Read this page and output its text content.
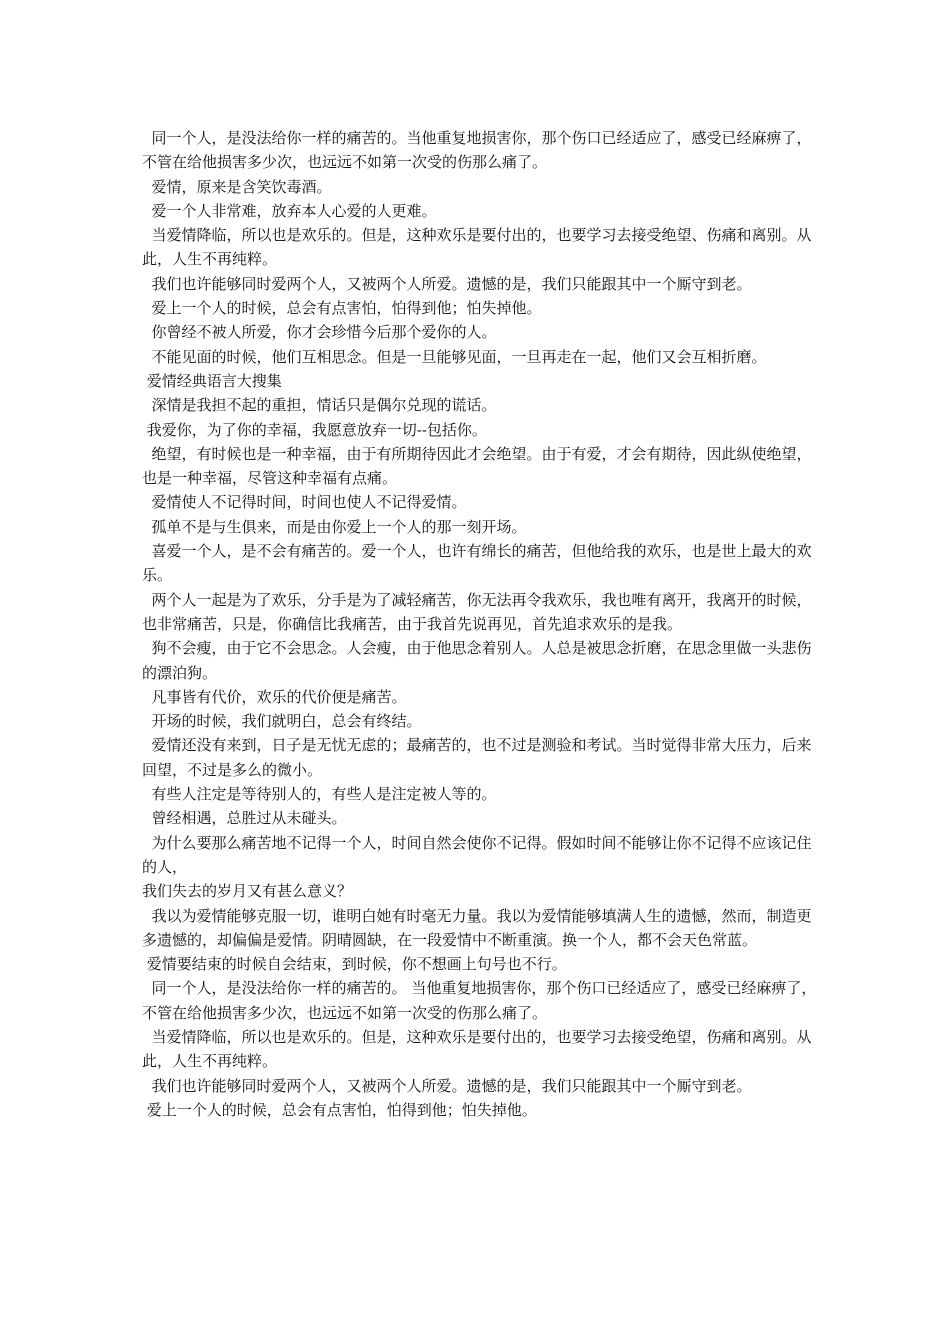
同一个人，是没法给你一样的痛苦的。当他重复地损害你，那个伤口已经适应了，感受已经麻痹了，不管在给他损害多少次，也远远不如第一次受的伤那么痛了。

爱情，原来是含笑饮毒酒。

爱一个人非常难，放弃本人心爱的人更难。

当爱情降临，所以也是欢乐的。但是，这种欢乐是要付出的，也要学习去接受绝望、伤痛和离别。从此，人生不再纯粹。

我们也许能够同时爱两个人，又被两个人所爱。遗憾的是，我们只能跟其中一个厮守到老。

爱上一个人的时候，总会有点害怕，怕得到他；怕失掉他。

你曾经不被人所爱，你才会珍惜今后那个爱你的人。

不能见面的时候，他们互相思念。但是一旦能够见面，一旦再走在一起，他们又会互相折磨。

爱情经典语言大搜集

深情是我担不起的重担，情话只是偶尔兑现的谎话。

我爱你，为了你的幸福，我愿意放弃一切--包括你。

绝望，有时候也是一种幸福，由于有所期待因此才会绝望。由于有爱，才会有期待，因此纵使绝望，也是一种幸福，尽管这种幸福有点痛。

爱情使人不记得时间，时间也使人不记得爱情。

孤单不是与生俱来，而是由你爱上一个人的那一刻开场。

喜爱一个人，是不会有痛苦的。爱一个人，也许有绵长的痛苦，但他给我的欢乐，也是世上最大的欢乐。

两个人一起是为了欢乐，分手是为了减轻痛苦，你无法再令我欢乐，我也唯有离开，我离开的时候，也非常痛苦，只是，你确信比我痛苦，由于我首先说再见，首先追求欢乐的是我。

狗不会瘦，由于它不会思念。人会瘦，由于他思念着别人。人总是被思念折磨，在思念里做一头悲伤的漂泊狗。

凡事皆有代价，欢乐的代价便是痛苦。

开场的时候，我们就明白，总会有终结。

爱情还没有来到，日子是无忧无虑的；最痛苦的，也不过是测验和考试。当时觉得非常大压力，后来回望，不过是多么的微小。

有些人注定是等待别人的，有些人是注定被人等的。

曾经相遇，总胜过从未碰头。

为什么要那么痛苦地不记得一个人，时间自然会使你不记得。假如时间不能够让你不记得不应该记住的人，

我们失去的岁月又有甚么意义？

我以为爱情能够克服一切，谁明白她有时毫无力量。我以为爱情能够填满人生的遗憾，然而，制造更多遗憾的，却偏偏是爱情。阴晴圆缺，在一段爱情中不断重演。换一个人，都不会天色常蓝。

爱情要结束的时候自会结束，到时候，你不想画上句号也不行。

同一个人，是没法给你一样的痛苦的。 当他重复地损害你，那个伤口已经适应了，感受已经麻痹了，不管在给他损害多少次，也远远不如第一次受的伤那么痛了。

当爱情降临，所以也是欢乐的。但是，这种欢乐是要付出的，也要学习去接受绝望，伤痛和离别。从此，人生不再纯粹。

我们也许能够同时爱两个人，又被两个人所爱。遗憾的是，我们只能跟其中一个厮守到老。

爱上一个人的时候，总会有点害怕，怕得到他；怕失掉他。
